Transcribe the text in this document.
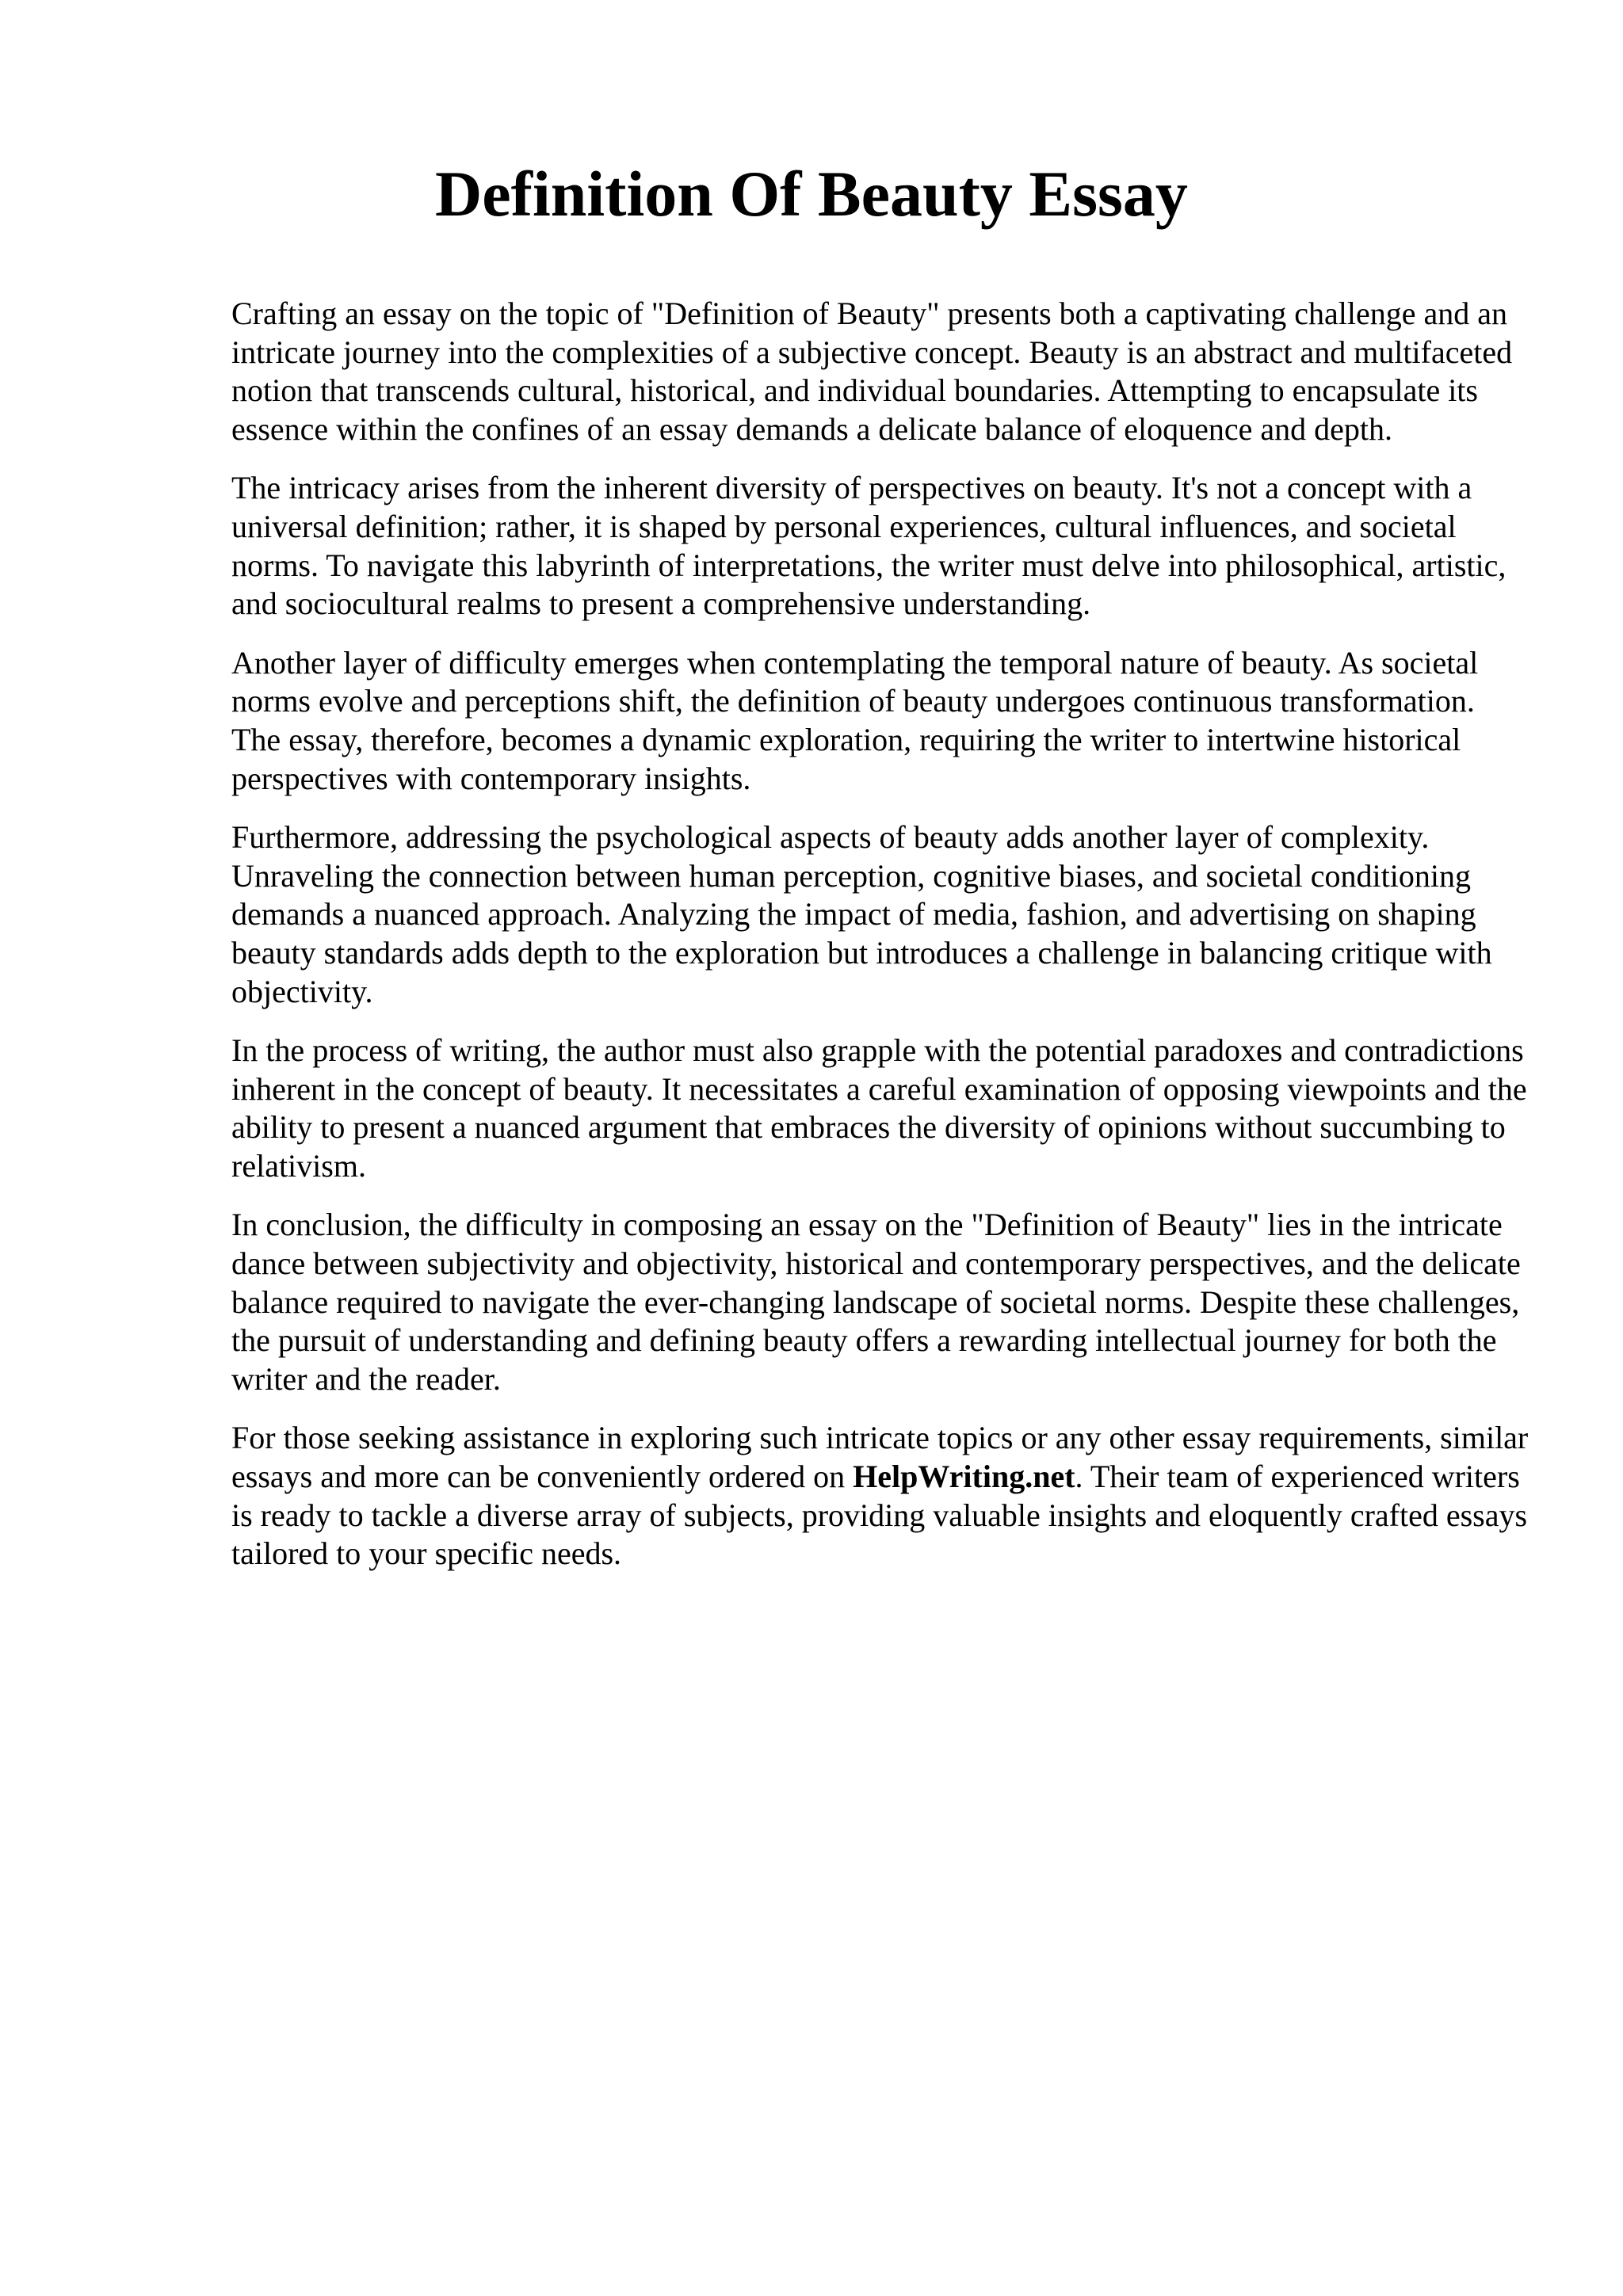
Definition Of Beauty Essay

Crafting an essay on the topic of "Definition of Beauty" presents both a captivating challenge and an intricate journey into the complexities of a subjective concept. Beauty is an abstract and multifaceted notion that transcends cultural, historical, and individual boundaries. Attempting to encapsulate its essence within the confines of an essay demands a delicate balance of eloquence and depth.

The intricacy arises from the inherent diversity of perspectives on beauty. It's not a concept with a universal definition; rather, it is shaped by personal experiences, cultural influences, and societal norms. To navigate this labyrinth of interpretations, the writer must delve into philosophical, artistic, and sociocultural realms to present a comprehensive understanding.

Another layer of difficulty emerges when contemplating the temporal nature of beauty. As societal norms evolve and perceptions shift, the definition of beauty undergoes continuous transformation. The essay, therefore, becomes a dynamic exploration, requiring the writer to intertwine historical perspectives with contemporary insights.

Furthermore, addressing the psychological aspects of beauty adds another layer of complexity. Unraveling the connection between human perception, cognitive biases, and societal conditioning demands a nuanced approach. Analyzing the impact of media, fashion, and advertising on shaping beauty standards adds depth to the exploration but introduces a challenge in balancing critique with objectivity.

In the process of writing, the author must also grapple with the potential paradoxes and contradictions inherent in the concept of beauty. It necessitates a careful examination of opposing viewpoints and the ability to present a nuanced argument that embraces the diversity of opinions without succumbing to relativism.

In conclusion, the difficulty in composing an essay on the "Definition of Beauty" lies in the intricate dance between subjectivity and objectivity, historical and contemporary perspectives, and the delicate balance required to navigate the ever-changing landscape of societal norms. Despite these challenges, the pursuit of understanding and defining beauty offers a rewarding intellectual journey for both the writer and the reader.

For those seeking assistance in exploring such intricate topics or any other essay requirements, similar essays and more can be conveniently ordered on HelpWriting.net. Their team of experienced writers is ready to tackle a diverse array of subjects, providing valuable insights and eloquently crafted essays tailored to your specific needs.
